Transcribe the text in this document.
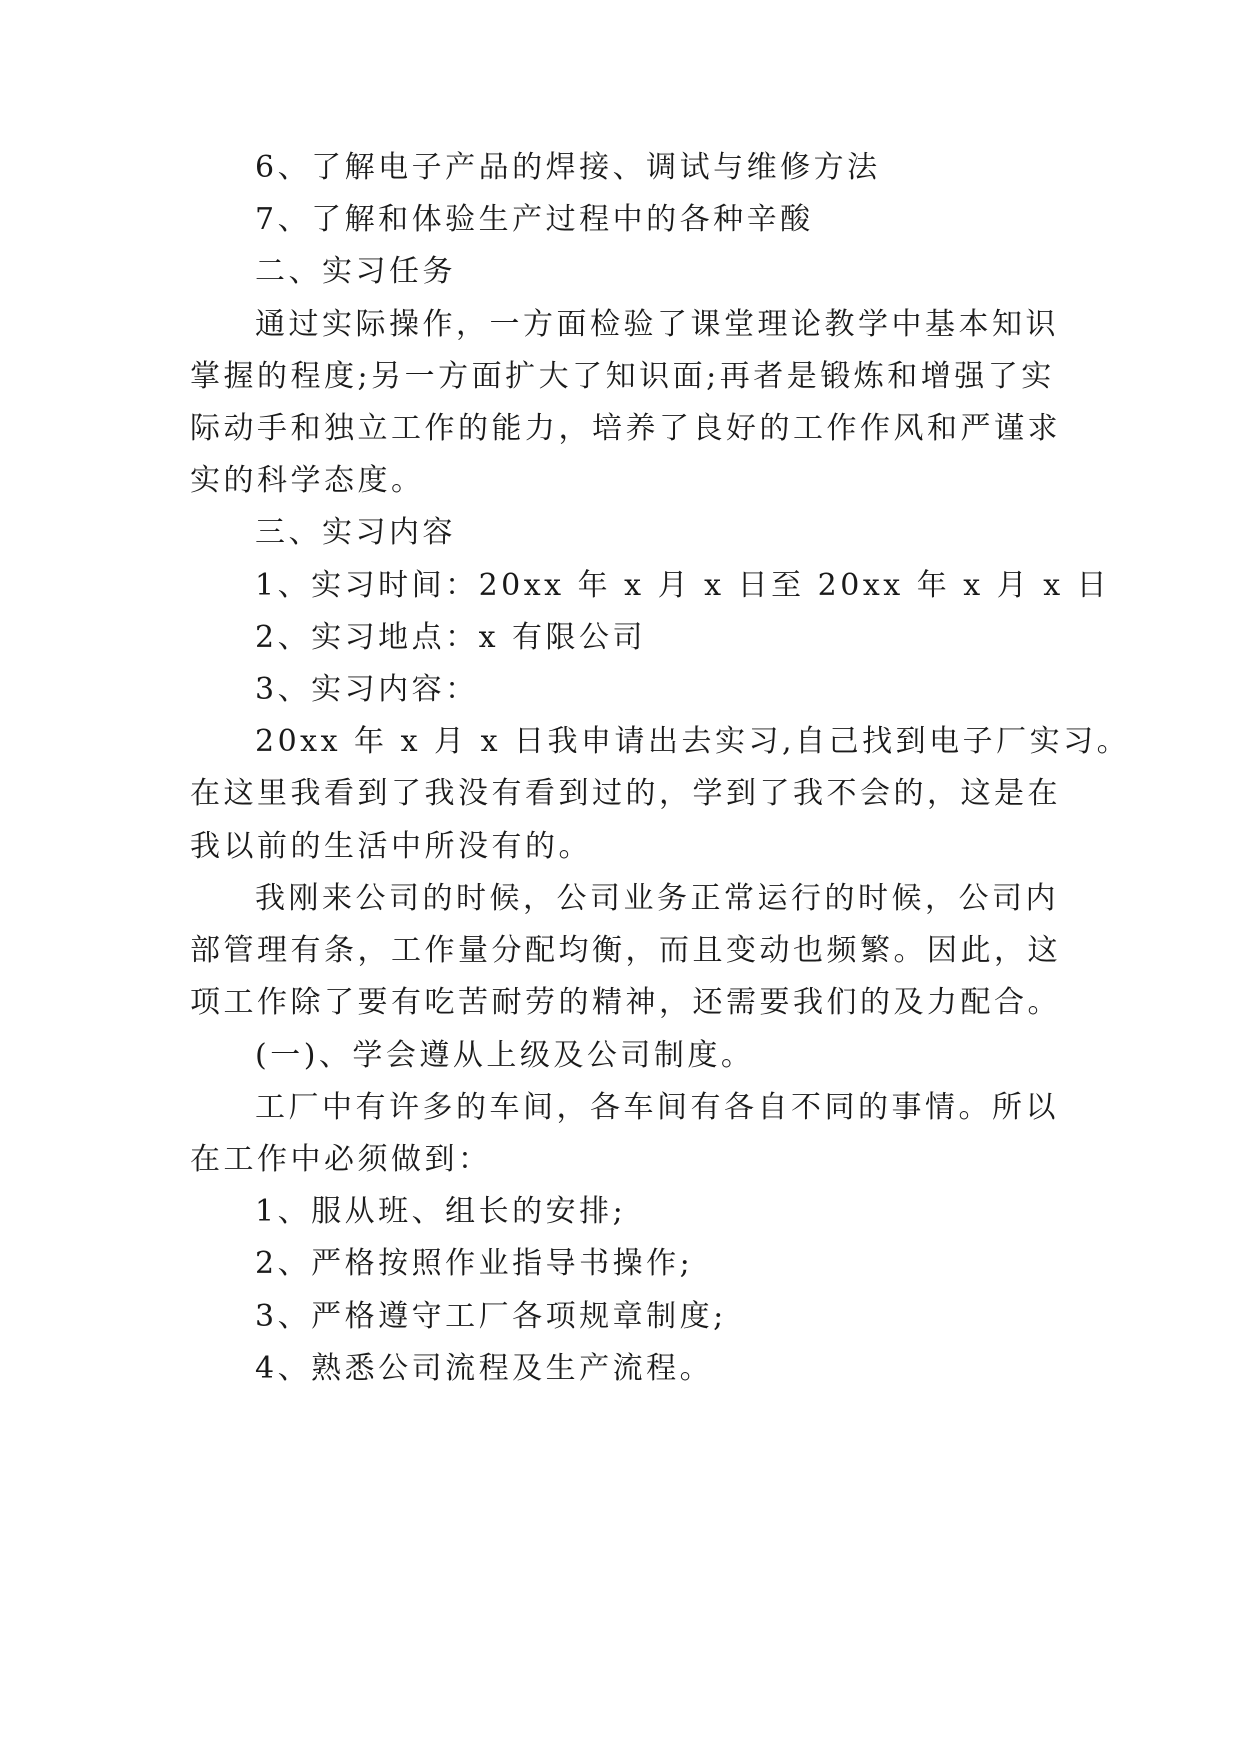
6、了解电子产品的焊接、调试与维修方法

7、了解和体验生产过程中的各种辛酸

二、实习任务

通过实际操作，一方面检验了课堂理论教学中基本知识

掌握的程度;另一方面扩大了知识面;再者是锻炼和增强了实

际动手和独立工作的能力，培养了良好的工作作风和严谨求

实的科学态度。

三、实习内容

1、实习时间：20xx 年 x 月 x 日至 20xx 年 x 月 x 日

2、实习地点：x 有限公司

3、实习内容：

20xx 年 x 月 x 日我申请出去实习,自己找到电子厂实习。

在这里我看到了我没有看到过的，学到了我不会的，这是在

我以前的生活中所没有的。

我刚来公司的时候，公司业务正常运行的时候，公司内

部管理有条，工作量分配均衡，而且变动也频繁。因此，这

项工作除了要有吃苦耐劳的精神，还需要我们的及力配合。

(一)、学会遵从上级及公司制度。

工厂中有许多的车间，各车间有各自不同的事情。所以

在工作中必须做到：

1、服从班、组长的安排;

2、严格按照作业指导书操作;

3、严格遵守工厂各项规章制度;

4、熟悉公司流程及生产流程。
